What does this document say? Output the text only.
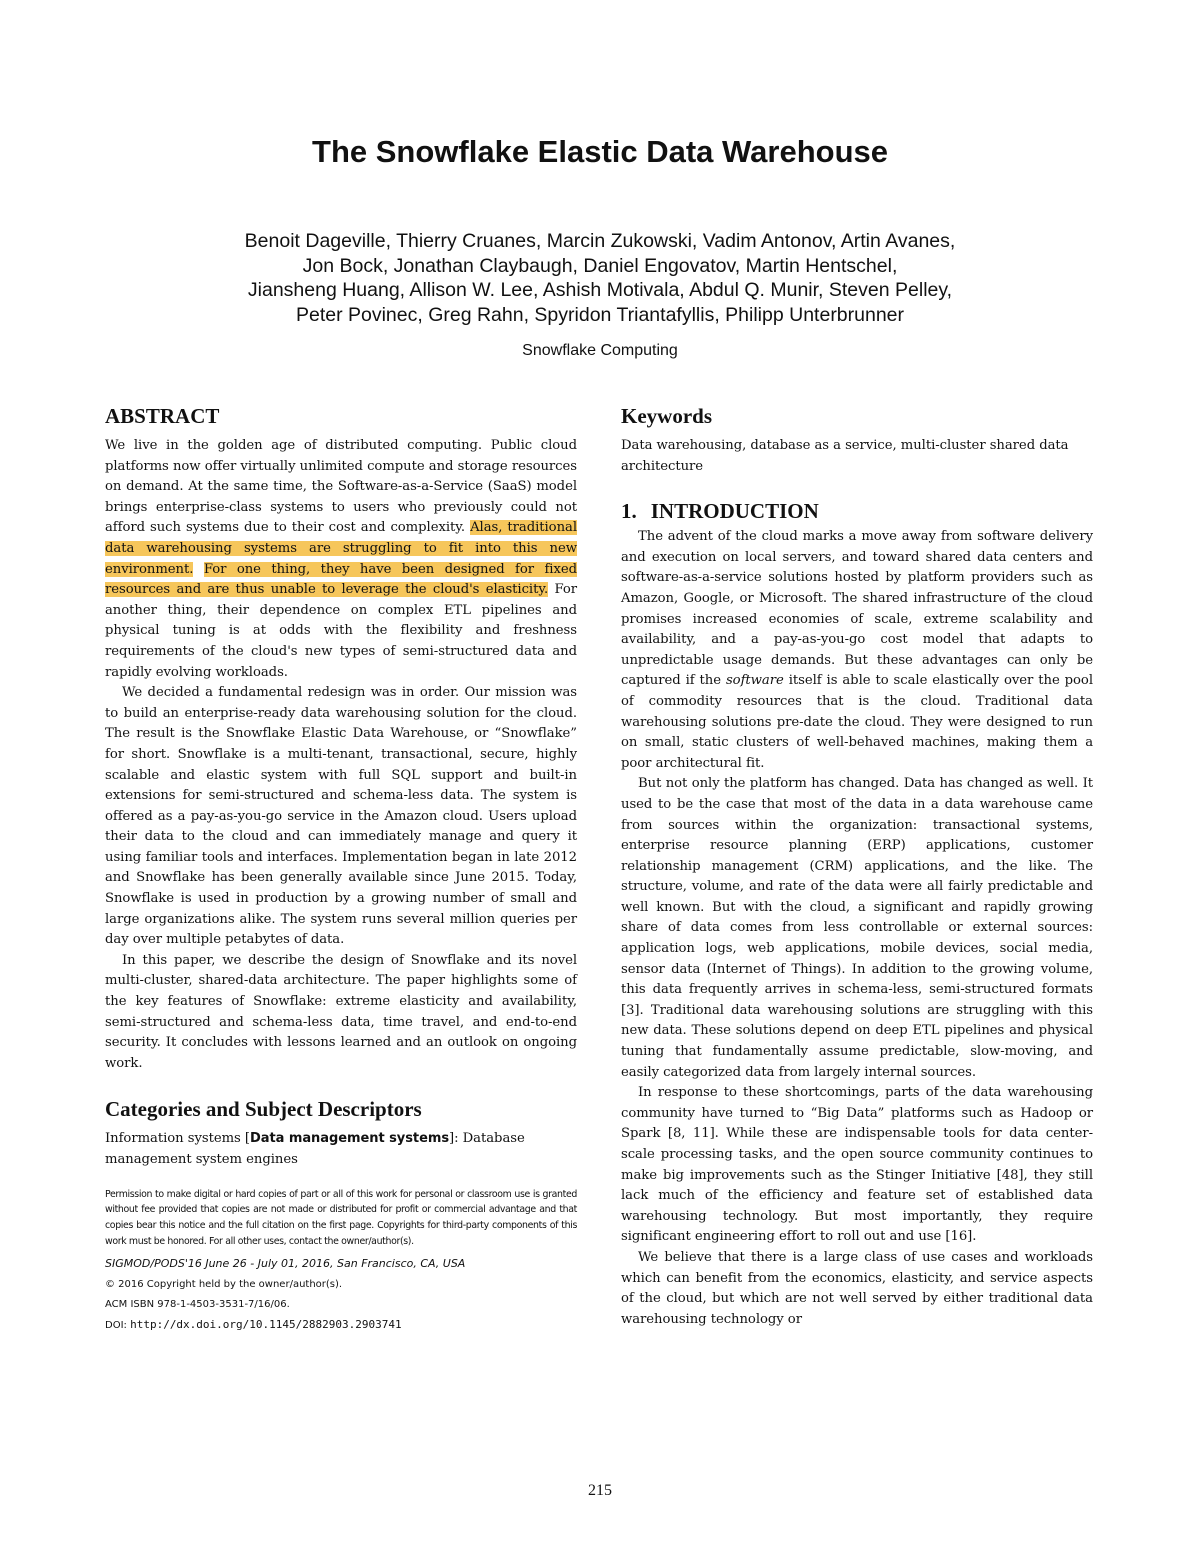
The Snowflake Elastic Data Warehouse
Benoit Dageville, Thierry Cruanes, Marcin Zukowski, Vadim Antonov, Artin Avanes,
Jon Bock, Jonathan Claybaugh, Daniel Engovatov, Martin Hentschel,
Jiansheng Huang, Allison W. Lee, Ashish Motivala, Abdul Q. Munir, Steven Pelley,
Peter Povinec, Greg Rahn, Spyridon Triantafyllis, Philipp Unterbrunner
Snowflake Computing
ABSTRACT

We live in the golden age of distributed computing. Public cloud platforms now offer virtually unlimited compute and storage resources on demand. At the same time, the Software-as-a-Service (SaaS) model brings enterprise-class systems to users who previously could not afford such systems due to their cost and complexity. Alas, traditional data warehousing systems are struggling to fit into this new environment. For one thing, they have been designed for fixed resources and are thus unable to leverage the cloud's elasticity. For another thing, their dependence on complex ETL pipelines and physical tuning is at odds with the flexibility and freshness requirements of the cloud's new types of semi-structured data and rapidly evolving workloads.

We decided a fundamental redesign was in order. Our mission was to build an enterprise-ready data warehousing solution for the cloud. The result is the Snowflake Elastic Data Warehouse, or “Snowflake” for short. Snowflake is a multi-tenant, transactional, secure, highly scalable and elastic system with full SQL support and built-in extensions for semi-structured and schema-less data. The system is offered as a pay-as-you-go service in the Amazon cloud. Users upload their data to the cloud and can immediately manage and query it using familiar tools and interfaces. Implementation began in late 2012 and Snowflake has been generally available since June 2015. Today, Snowflake is used in production by a growing number of small and large organizations alike. The system runs several million queries per day over multiple petabytes of data.

In this paper, we describe the design of Snowflake and its novel multi-cluster, shared-data architecture. The paper highlights some of the key features of Snowflake: extreme elasticity and availability, semi-structured and schema-less data, time travel, and end-to-end security. It concludes with lessons learned and an outlook on ongoing work.

Categories and Subject Descriptors

Information systems [Data management systems]: Database management system engines

Permission to make digital or hard copies of part or all of this work for personal or classroom use is granted without fee provided that copies are not made or distributed for profit or commercial advantage and that copies bear this notice and the full citation on the first page. Copyrights for third-party components of this work must be honored. For all other uses, contact the owner/author(s).

SIGMOD/PODS'16 June 26 - July 01, 2016, San Francisco, CA, USA

© 2016 Copyright held by the owner/author(s).

ACM ISBN 978-1-4503-3531-7/16/06.

DOI: http://dx.doi.org/10.1145/2882903.2903741

Keywords

Data warehousing, database as a service, multi-cluster shared data architecture

1. INTRODUCTION

The advent of the cloud marks a move away from software delivery and execution on local servers, and toward shared data centers and software-as-a-service solutions hosted by platform providers such as Amazon, Google, or Microsoft. The shared infrastructure of the cloud promises increased economies of scale, extreme scalability and availability, and a pay-as-you-go cost model that adapts to unpredictable usage demands. But these advantages can only be captured if the software itself is able to scale elastically over the pool of commodity resources that is the cloud. Traditional data warehousing solutions pre-date the cloud. They were designed to run on small, static clusters of well-behaved machines, making them a poor architectural fit.

But not only the platform has changed. Data has changed as well. It used to be the case that most of the data in a data warehouse came from sources within the organization: transactional systems, enterprise resource planning (ERP) applications, customer relationship management (CRM) applications, and the like. The structure, volume, and rate of the data were all fairly predictable and well known. But with the cloud, a significant and rapidly growing share of data comes from less controllable or external sources: application logs, web applications, mobile devices, social media, sensor data (Internet of Things). In addition to the growing volume, this data frequently arrives in schema-less, semi-structured formats [3]. Traditional data warehousing solutions are struggling with this new data. These solutions depend on deep ETL pipelines and physical tuning that fundamentally assume predictable, slow-moving, and easily categorized data from largely internal sources.

In response to these shortcomings, parts of the data warehousing community have turned to “Big Data” platforms such as Hadoop or Spark [8, 11]. While these are indispensable tools for data center-scale processing tasks, and the open source community continues to make big improvements such as the Stinger Initiative [48], they still lack much of the efficiency and feature set of established data warehousing technology. But most importantly, they require significant engineering effort to roll out and use [16].

We believe that there is a large class of use cases and workloads which can benefit from the economics, elasticity, and service aspects of the cloud, but which are not well served by either traditional data warehousing technology or

215
